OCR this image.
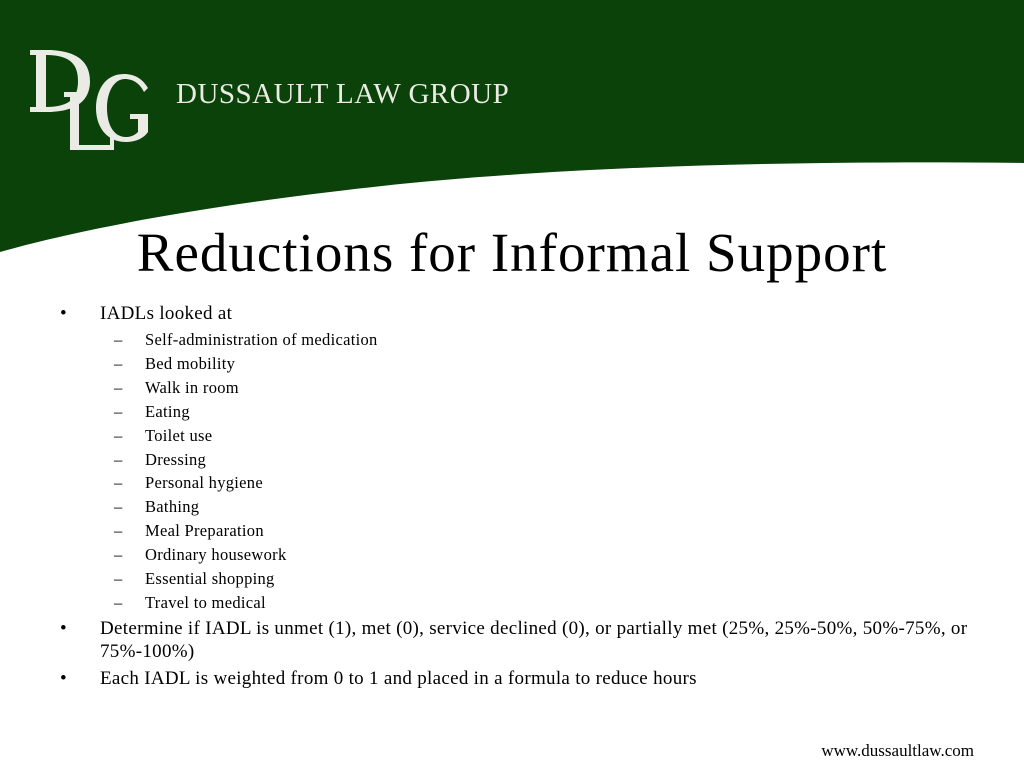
DUSSAULT LAW GROUP
Reductions for Informal Support
• IADLs looked at
– Self-administration of medication
– Bed mobility
– Walk in room
– Eating
– Toilet use
– Dressing
– Personal hygiene
– Bathing
– Meal Preparation
– Ordinary housework
– Essential shopping
– Travel to medical
• Determine if IADL is unmet (1), met (0), service declined (0), or partially met (25%, 25%-50%, 50%-75%, or 75%-100%)
• Each IADL is weighted from 0 to 1 and placed in a formula to reduce hours
www.dussaultlaw.com
